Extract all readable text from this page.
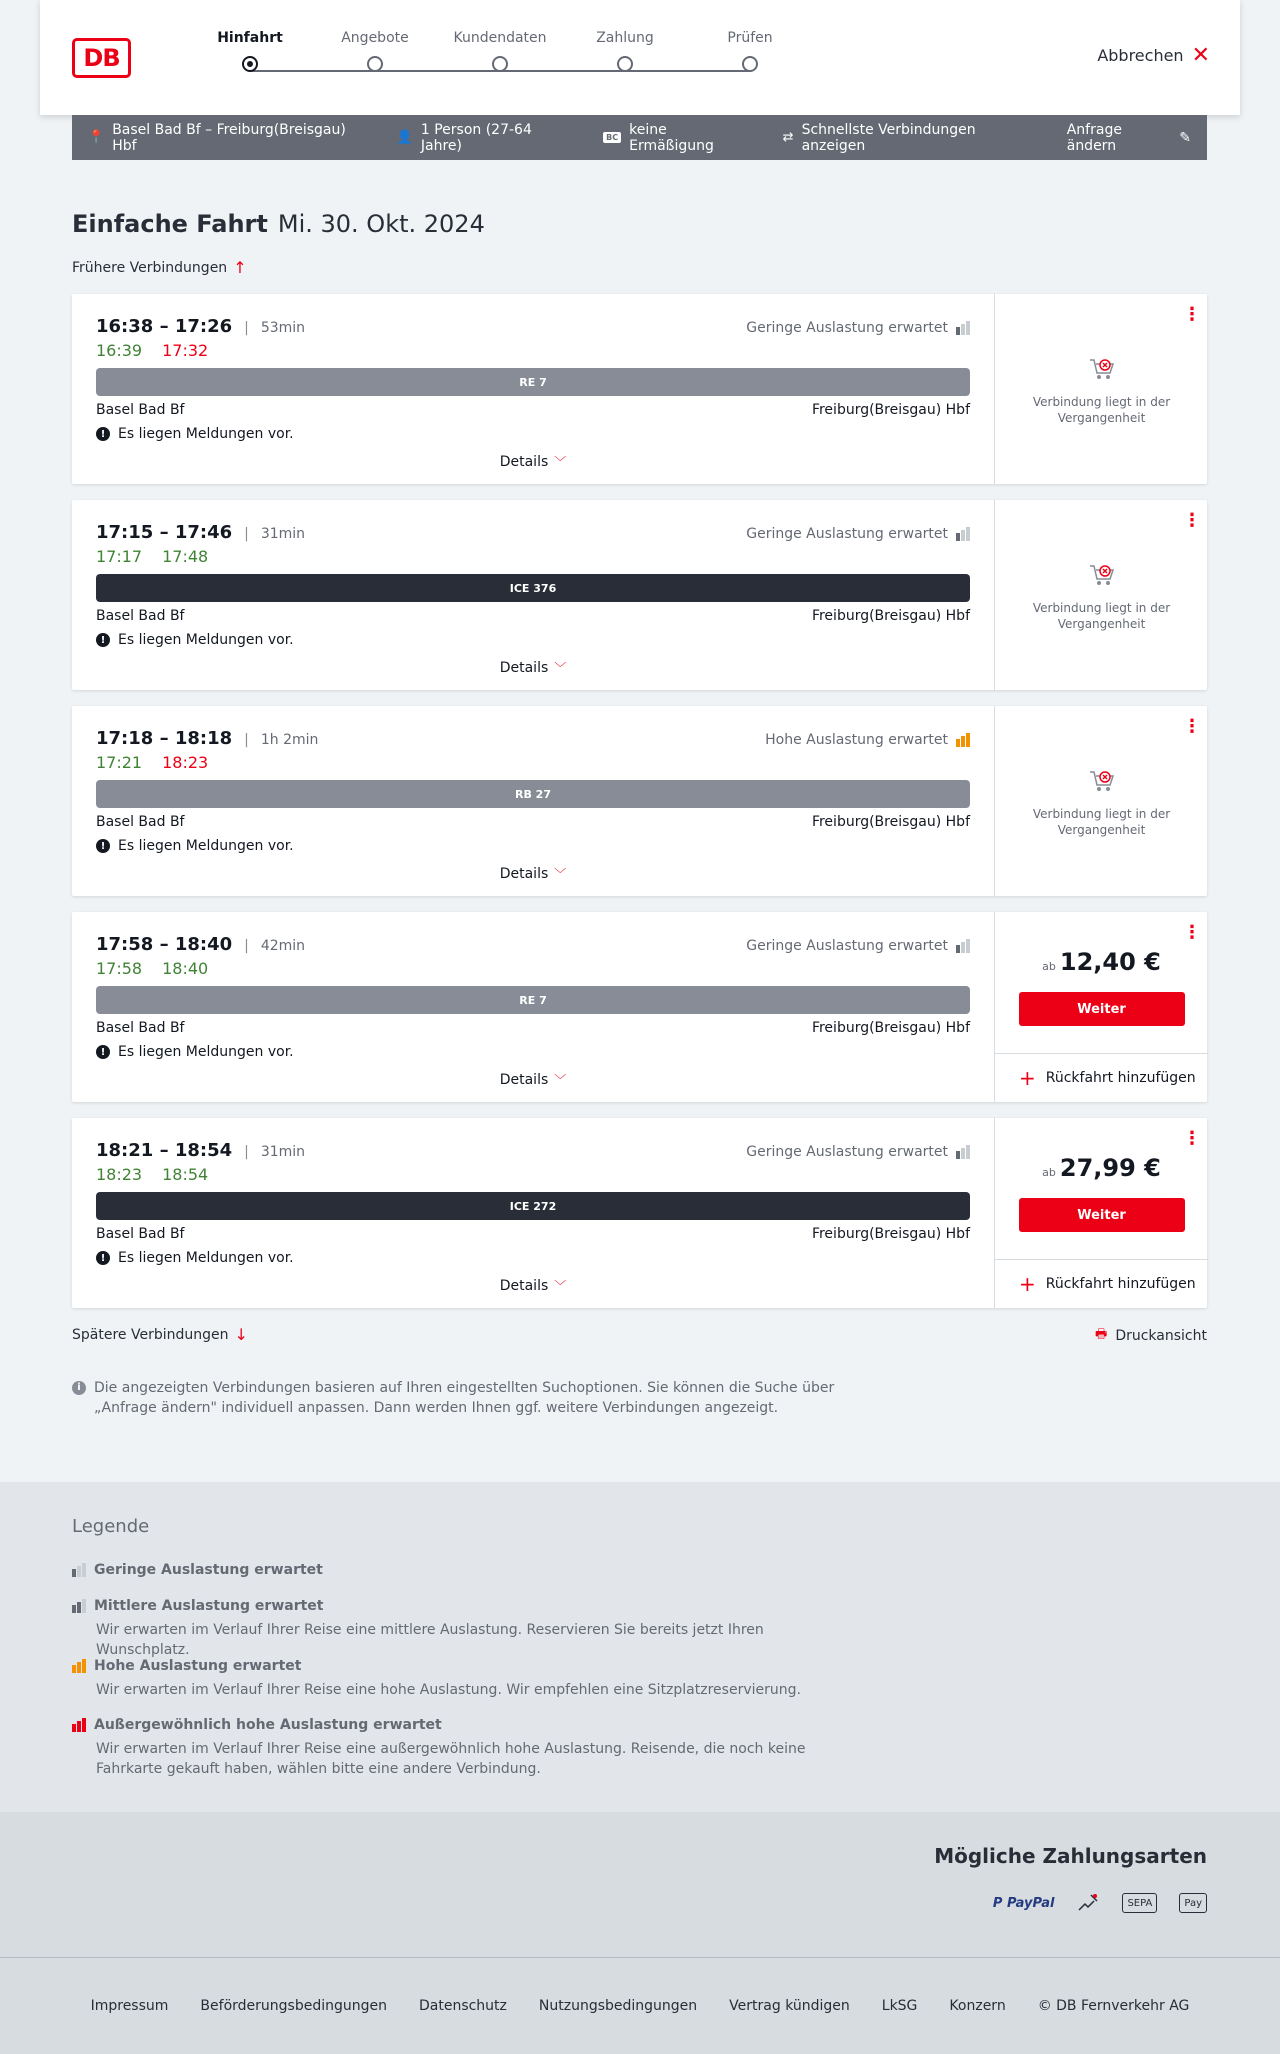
DB
Hinfahrt	Angebote	Kundendaten	Zahlung	Prüfen
Abbrechen ✕
📍 Basel Bad Bf – Freiburg(Breisgau) Hbf	👤 1 Person (27-64 Jahre)	BC keine Ermäßigung	⇄ Schnellste Verbindungen anzeigen
Anfrage ändern	✎
Einfache Fahrt Mi. 30. Okt. 2024
Frühere Verbindungen ↑
16:38 – 17:26 | 53min	Geringe Auslastung erwartet
16:39 17:32
RE 7
Basel Bad Bf	Freiburg(Breisgau) Hbf
! Es liegen Meldungen vor.
Details ﹀
⋮
Verbindung liegt in der Vergangenheit
17:15 – 17:46 | 31min	Geringe Auslastung erwartet
17:17 17:48
ICE 376
Basel Bad Bf	Freiburg(Breisgau) Hbf
! Es liegen Meldungen vor.
Details ﹀
⋮
Verbindung liegt in der Vergangenheit
17:18 – 18:18 | 1h 2min	Hohe Auslastung erwartet
17:21 18:23
RB 27
Basel Bad Bf	Freiburg(Breisgau) Hbf
! Es liegen Meldungen vor.
Details ﹀
⋮
Verbindung liegt in der Vergangenheit
17:58 – 18:40 | 42min	Geringe Auslastung erwartet
17:58 18:40
RE 7
Basel Bad Bf	Freiburg(Breisgau) Hbf
! Es liegen Meldungen vor.
Details ﹀
⋮
ab 12,40 €
Weiter
+ Rückfahrt hinzufügen
18:21 – 18:54 | 31min	Geringe Auslastung erwartet
18:23 18:54
ICE 272
Basel Bad Bf	Freiburg(Breisgau) Hbf
! Es liegen Meldungen vor.
Details ﹀
⋮
ab 27,99 €
Weiter
+ Rückfahrt hinzufügen
Spätere Verbindungen ↓	🖶 Druckansicht
i Die angezeigten Verbindungen basieren auf Ihren eingestellten Suchoptionen. Sie können die Suche über „Anfrage ändern" individuell anpassen. Dann werden Ihnen ggf. weitere Verbindungen angezeigt.
Legende
Geringe Auslastung erwartet
Mittlere Auslastung erwartet
Wir erwarten im Verlauf Ihrer Reise eine mittlere Auslastung. Reservieren Sie bereits jetzt Ihren Wunschplatz.
Hohe Auslastung erwartet
Wir erwarten im Verlauf Ihrer Reise eine hohe Auslastung. Wir empfehlen eine Sitzplatzreservierung.
Außergewöhnlich hohe Auslastung erwartet
Wir erwarten im Verlauf Ihrer Reise eine außergewöhnlich hohe Auslastung. Reisende, die noch keine Fahrkarte gekauft haben, wählen bitte eine andere Verbindung.
Mögliche Zahlungsarten
P PayPal	SEPA	Pay
Impressum Beförderungsbedingungen Datenschutz Nutzungsbedingungen Vertrag kündigen LkSG Konzern © DB Fernverkehr AG
